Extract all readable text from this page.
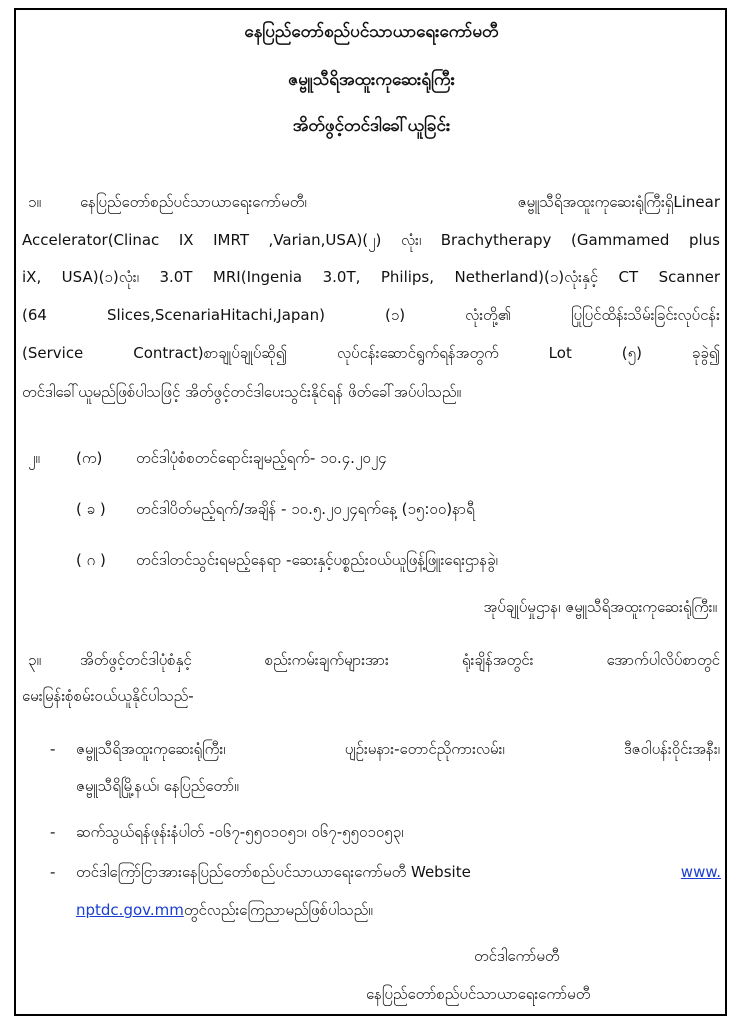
နေပြည်တော်စည်ပင်သာယာရေးကော်မတီ
ဇမ္ဗူသီရိအထူးကုဆေးရုံကြီး
အိတ်ဖွင့်တင်ဒါခေါ်ယူခြင်း
၁။	နေပြည်တော်စည်ပင်သာယာရေးကော်မတီ၊ ဇမ္ဗူသီရိအထူးကုဆေးရုံကြီးရှိLinear
Accelerator(Clinac IX IMRT ,Varian,USA)(၂) လုံး၊ Brachytherapy (Gammamed plus
iX, USA)(၁)လုံး၊ 3.0T MRI(Ingenia 3.0T, Philips, Netherland)(၁)လုံးနှင့် CT Scanner
(64 Slices,ScenariaHitachi,Japan) (၁) လုံးတို့၏ ပြုပြင်ထိန်းသိမ်းခြင်းလုပ်ငန်း
(Service Contract)စာချုပ်ချုပ်ဆို၍ လုပ်ငန်းဆောင်ရွက်ရန်အတွက် Lot (၅) ခုခွဲ၍
တင်ဒါခေါ်ယူမည်ဖြစ်ပါသဖြင့် အိတ်ဖွင့်တင်ဒါပေးသွင်းနိုင်ရန် ဖိတ်ခေါ်အပ်ပါသည်။
၂။ (က) တင်ဒါပုံစံစတင်ရောင်းချမည့်ရက်- ၁၀.၄.၂၀၂၄
( ခ ) တင်ဒါပိတ်မည့်ရက်/အချိန် - ၁၀.၅.၂၀၂၄ရက်နေ့ (၁၅:၀၀)နာရီ
( ဂ ) တင်ဒါတင်သွင်းရမည့်နေရာ -ဆေးနှင့်ပစ္စည်းဝယ်ယူဖြန့်ဖြူးရေးဌာနခွဲ၊
အုပ်ချုပ်မှုဌာန၊ ဇမ္ဗူသီရိအထူးကုဆေးရုံကြီး။
၃။	အိတ်ဖွင့်တင်ဒါပုံစံနှင့် စည်းကမ်းချက်များအား ရုံးချိန်အတွင်း အောက်ပါလိပ်စာတွင်
မေးမြန်းစုံစမ်းဝယ်ယူနိုင်ပါသည်-
- ဇမ္ဗူသီရိအထူးကုဆေးရုံကြီး၊ ပျဉ်းမနား-တောင်ညိုကားလမ်း၊ ဒီဇဝါပန်းဝိုင်းအနီး၊
ဇမ္ဗူသီရိမြို့နယ်၊ နေပြည်တော်။
- ဆက်သွယ်ရန်ဖုန်းနံပါတ် -၀၆၇-၅၅၀၁၀၅၁၊ ၀၆၇-၅၅၀၁၀၅၃၊
- တင်ဒါကြော်ငြာအားနေပြည်တော်စည်ပင်သာယာရေးကော်မတီ Website	www.
nptdc.gov.mmတွင်လည်းကြေညာမည်ဖြစ်ပါသည်။
တင်ဒါကော်မတီ
နေပြည်တော်စည်ပင်သာယာရေးကော်မတီ
